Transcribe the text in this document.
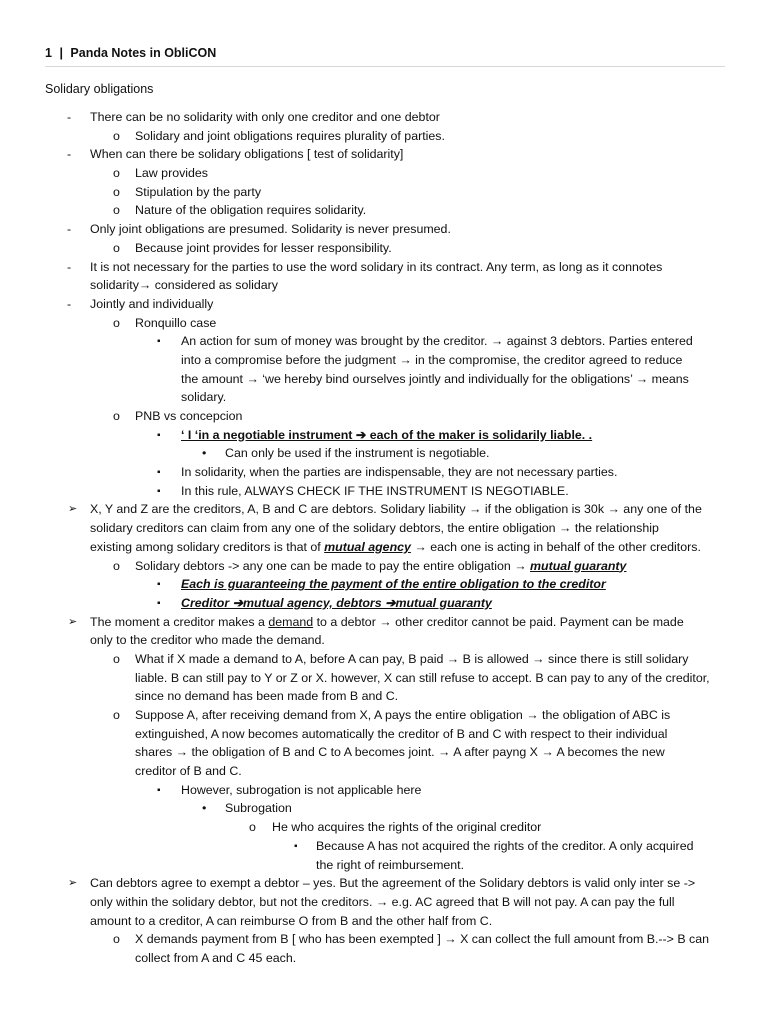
1 | Panda Notes in ObliCON
Solidary obligations
- There can be no solidarity with only one creditor and one debtor
o Solidary and joint obligations requires plurality of parties.
- When can there be solidary obligations [ test of solidarity]
o Law provides
o Stipulation by the party
o Nature of the obligation requires solidarity.
- Only joint obligations are presumed. Solidarity is never presumed.
o Because joint provides for lesser responsibility.
- It is not necessary for the parties to use the word solidary in its contract. Any term, as long as it connotes
solidarity→ considered as solidary
- Jointly and individually
o Ronquillo case
▪ An action for sum of money was brought by the creditor. → against 3 debtors. Parties entered
into a compromise before the judgment → in the compromise, the creditor agreed to reduce
the amount → ‘we hereby bind ourselves jointly and individually for the obligations’ → means
solidary.
o PNB vs concepcion
▪ ‘ I ‘in a negotiable instrument ➔ each of the maker is solidarily liable. .
• Can only be used if the instrument is negotiable.
▪ In solidarity, when the parties are indispensable, they are not necessary parties.
▪ In this rule, ALWAYS CHECK IF THE INSTRUMENT IS NEGOTIABLE.
➢ X, Y and Z are the creditors, A, B and C are debtors. Solidary liability → if the obligation is 30k → any one of the
solidary creditors can claim from any one of the solidary debtors, the entire obligation → the relationship
existing among solidary creditors is that of mutual agency → each one is acting in behalf of the other creditors.
o Solidary debtors -> any one can be made to pay the entire obligation → mutual guaranty
▪ Each is guaranteeing the payment of the entire obligation to the creditor
▪ Creditor ➔mutual agency, debtors ➔mutual guaranty
➢ The moment a creditor makes a demand to a debtor → other creditor cannot be paid. Payment can be made
only to the creditor who made the demand.
o What if X made a demand to A, before A can pay, B paid → B is allowed → since there is still solidary
liable. B can still pay to Y or Z or X. however, X can still refuse to accept. B can pay to any of the creditor,
since no demand has been made from B and C.
o Suppose A, after receiving demand from X, A pays the entire obligation → the obligation of ABC is
extinguished, A now becomes automatically the creditor of B and C with respect to their individual
shares → the obligation of B and C to A becomes joint. → A after payng X → A becomes the new
creditor of B and C.
▪ However, subrogation is not applicable here
• Subrogation
o He who acquires the rights of the original creditor
▪ Because A has not acquired the rights of the creditor. A only acquired
the right of reimbursement.
➢ Can debtors agree to exempt a debtor – yes. But the agreement of the Solidary debtors is valid only inter se ->
only within the solidary debtor, but not the creditors. → e.g. AC agreed that B will not pay. A can pay the full
amount to a creditor, A can reimburse O from B and the other half from C.
o X demands payment from B [ who has been exempted ] → X can collect the full amount from B.--> B can
collect from A and C 45 each.
